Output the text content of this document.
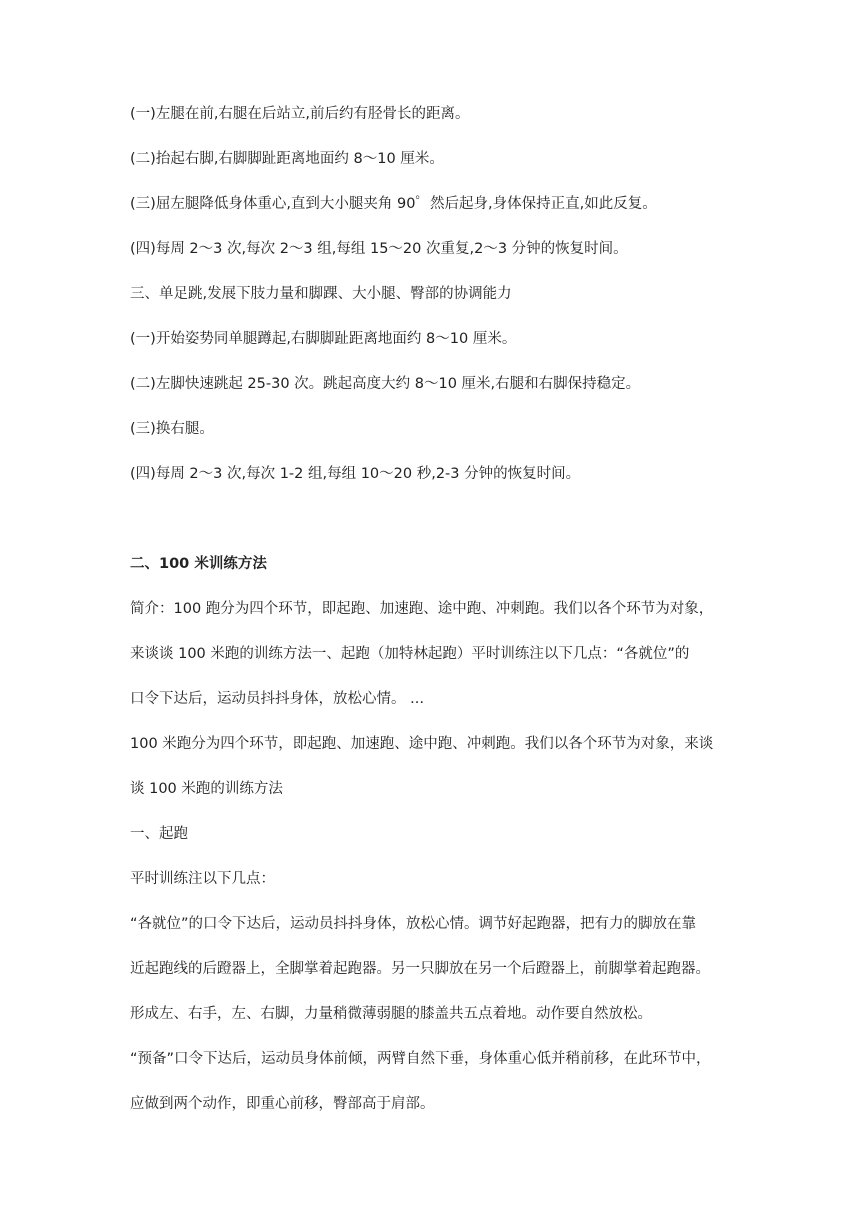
(一)左腿在前,右腿在后站立,前后约有胫骨长的距离。

(二)抬起右脚,右脚脚趾距离地面约 8～10 厘米。

(三)屈左腿降低身体重心,直到大小腿夹角 90゜然后起身,身体保持正直,如此反复。

(四)每周 2～3 次,每次 2～3 组,每组 15～20 次重复,2～3 分钟的恢复时间。

三、单足跳,发展下肢力量和脚踝、大小腿、臀部的协调能力

(一)开始姿势同单腿蹲起,右脚脚趾距离地面约 8～10 厘米。

(二)左脚快速跳起 25-30 次。跳起高度大约 8～10 厘米,右腿和右脚保持稳定。

(三)换右腿。

(四)每周 2～3 次,每次 1-2 组,每组 10～20 秒,2-3 分钟的恢复时间。

二、100 米训练方法

简介：100 跑分为四个环节，即起跑、加速跑、途中跑、冲刺跑。我们以各个环节为对象，

来谈谈 100 米跑的训练方法一、起跑（加特林起跑）平时训练注以下几点：“各就位”的

口令下达后，运动员抖抖身体，放松心情。 ...

100 米跑分为四个环节，即起跑、加速跑、途中跑、冲刺跑。我们以各个环节为对象，来谈

谈 100 米跑的训练方法

一、起跑

平时训练注以下几点：

“各就位”的口令下达后，运动员抖抖身体，放松心情。调节好起跑器，把有力的脚放在靠

近起跑线的后蹬器上，全脚掌着起跑器。另一只脚放在另一个后蹬器上，前脚掌着起跑器。

形成左、右手，左、右脚，力量稍微薄弱腿的膝盖共五点着地。动作要自然放松。

“预备”口令下达后，运动员身体前倾，两臂自然下垂，身体重心低并稍前移，在此环节中，

应做到两个动作，即重心前移，臀部高于肩部。
